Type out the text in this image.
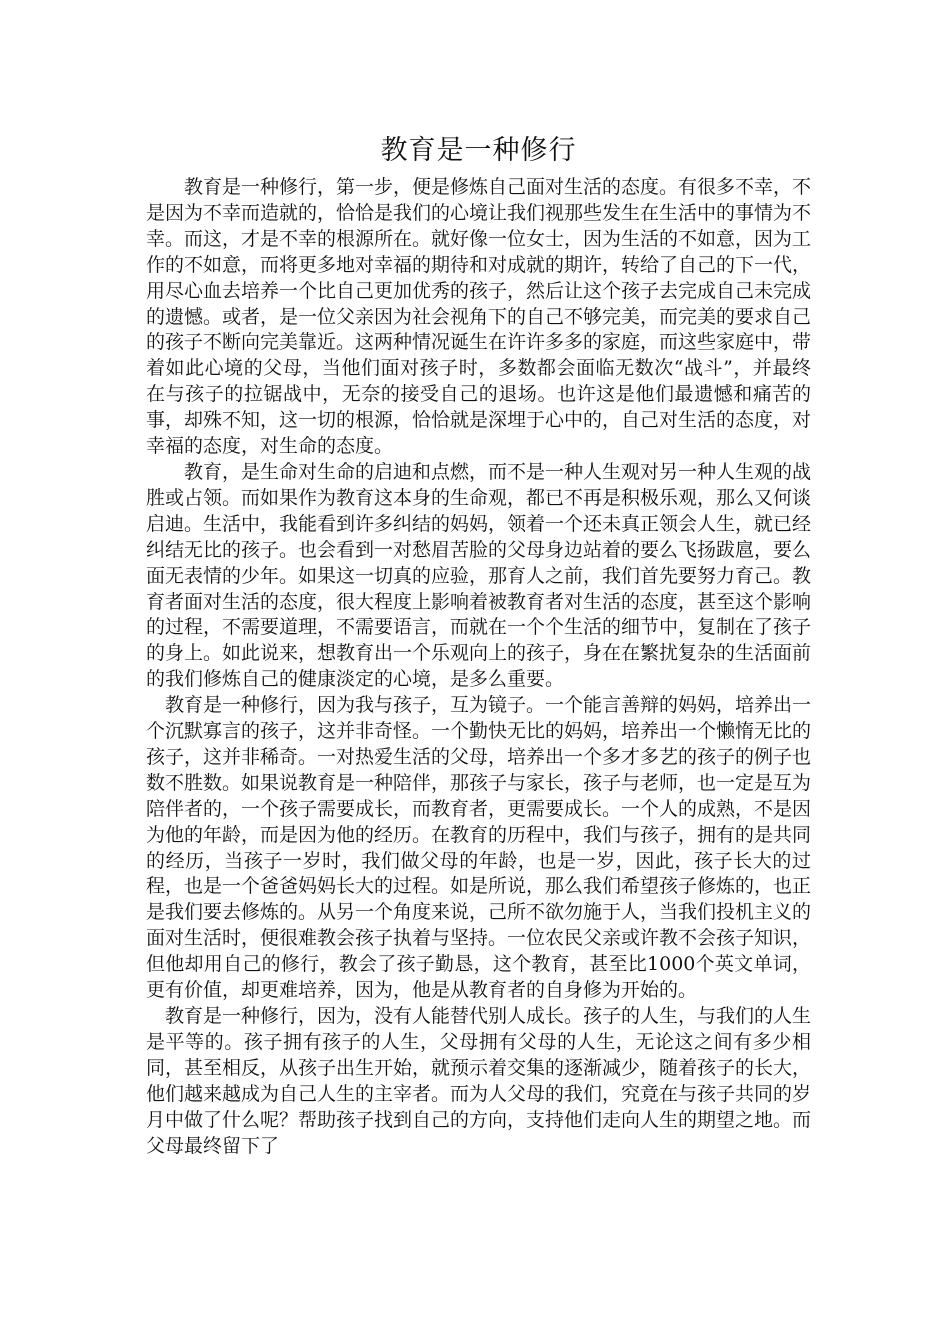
教育是一种修行

教育是一种修行，第一步，便是修炼自己面对生活的态度。有很多不幸，不是因为不幸而造就的，恰恰是我们的心境让我们视那些发生在生活中的事情为不幸。而这，才是不幸的根源所在。就好像一位女士，因为生活的不如意，因为工作的不如意，而将更多地对幸福的期待和对成就的期许，转给了自己的下一代，用尽心血去培养一个比自己更加优秀的孩子，然后让这个孩子去完成自己未完成的遗憾。或者，是一位父亲因为社会视角下的自己不够完美，而完美的要求自己的孩子不断向完美靠近。这两种情况诞生在许许多多的家庭，而这些家庭中，带着如此心境的父母，当他们面对孩子时，多数都会面临无数次“战斗”，并最终在与孩子的拉锯战中，无奈的接受自己的退场。也许这是他们最遗憾和痛苦的事，却殊不知，这一切的根源，恰恰就是深埋于心中的，自己对生活的态度，对幸福的态度，对生命的态度。

教育，是生命对生命的启迪和点燃，而不是一种人生观对另一种人生观的战胜或占领。而如果作为教育这本身的生命观，都已不再是积极乐观，那么又何谈启迪。生活中，我能看到许多纠结的妈妈，领着一个还未真正领会人生，就已经纠结无比的孩子。也会看到一对愁眉苦脸的父母身边站着的要么飞扬跋扈，要么面无表情的少年。如果这一切真的应验，那育人之前，我们首先要努力育己。教育者面对生活的态度，很大程度上影响着被教育者对生活的态度，甚至这个影响的过程，不需要道理，不需要语言，而就在一个个生活的细节中，复制在了孩子的身上。如此说来，想教育出一个乐观向上的孩子，身在在繁扰复杂的生活面前的我们修炼自己的健康淡定的心境，是多么重要。

教育是一种修行，因为我与孩子，互为镜子。一个能言善辩的妈妈，培养出一个沉默寡言的孩子，这并非奇怪。一个勤快无比的妈妈，培养出一个懒惰无比的孩子，这并非稀奇。一对热爱生活的父母，培养出一个多才多艺的孩子的例子也数不胜数。如果说教育是一种陪伴，那孩子与家长，孩子与老师，也一定是互为陪伴者的，一个孩子需要成长，而教育者，更需要成长。一个人的成熟，不是因为他的年龄，而是因为他的经历。在教育的历程中，我们与孩子，拥有的是共同的经历，当孩子一岁时，我们做父母的年龄，也是一岁，因此，孩子长大的过程，也是一个爸爸妈妈长大的过程。如是所说，那么我们希望孩子修炼的，也正是我们要去修炼的。从另一个角度来说，己所不欲勿施于人，当我们投机主义的面对生活时，便很难教会孩子执着与坚持。一位农民父亲或许教不会孩子知识，但他却用自己的修行，教会了孩子勤恳，这个教育，甚至比1000个英文单词，更有价值，却更难培养，因为，他是从教育者的自身修为开始的。

教育是一种修行，因为，没有人能替代别人成长。孩子的人生，与我们的人生是平等的。孩子拥有孩子的人生，父母拥有父母的人生，无论这之间有多少相同，甚至相反，从孩子出生开始，就预示着交集的逐渐减少，随着孩子的长大，他们越来越成为自己人生的主宰者。而为人父母的我们，究竟在与孩子共同的岁月中做了什么呢？帮助孩子找到自己的方向，支持他们走向人生的期望之地。而父母最终留下了
